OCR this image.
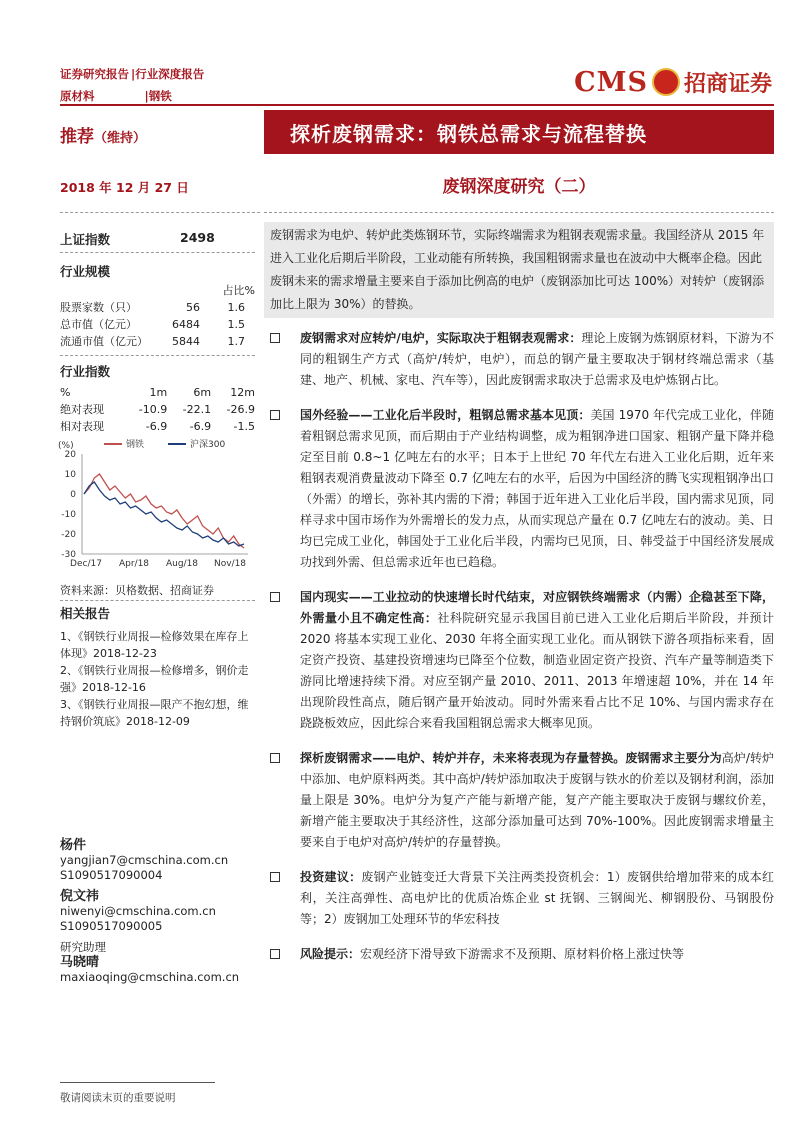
证券研究报告 |行业深度报告
原材料	|钢铁	CMS 招商证券
推荐（维持）	探析废钢需求：钢铁总需求与流程替换
2018 年 12 月 27 日	废钢深度研究（二）
上证指数	2498
行业规模
占比%
股票家数（只）	56	1.6
总市值（亿元）	6484	1.5
流通市值（亿元）	5844	1.7
行业指数
%	1m	6m	12m
绝对表现	-10.9	-22.1	-26.9
相对表现	-6.9	-6.9	-1.5
(%)
20
10
0
-10
-20
-30
Dec/17 Apr/18 Aug/18 Nov/18
钢铁	沪深300
资料来源：贝格数据、招商证券
相关报告
1、《钢铁行业周报—检修效果在库存上体现》2018-12-23
2、《钢铁行业周报—检修增多，钢价走强》2018-12-16
3、《钢铁行业周报—限产不抱幻想，维持钢价筑底》2018-12-09
杨件
yangjian7@cmschina.com.cn
S1090517090004
倪文祎
niwenyi@cmschina.com.cn
S1090517090005
研究助理
马晓晴
maxiaoqing@cmschina.com.cn
废钢需求为电炉、转炉此类炼钢环节，实际终端需求为粗钢表观需求量。我国经济从 2015 年进入工业化后期后半阶段，工业动能有所转换，我国粗钢需求量也在波动中大概率企稳。因此废钢未来的需求增量主要来自于添加比例高的电炉（废钢添加比可达 100%）对转炉（废钢添加比上限为 30%）的替换。
废钢需求对应转炉/电炉，实际取决于粗钢表观需求：理论上废钢为炼钢原材料，下游为不同的粗钢生产方式（高炉/转炉，电炉），而总的钢产量主要取决于钢材终端总需求（基建、地产、机械、家电、汽车等），因此废钢需求取决于总需求及电炉炼钢占比。
国外经验——工业化后半段时，粗钢总需求基本见顶：美国 1970 年代完成工业化，伴随着粗钢总需求见顶，而后期由于产业结构调整，成为粗钢净进口国家、粗钢产量下降并稳定至目前 0.8~1 亿吨左右的水平；日本于上世纪 70 年代左右进入工业化后期，近年来粗钢表观消费量波动下降至 0.7 亿吨左右的水平，后因为中国经济的腾飞实现粗钢净出口（外需）的增长，弥补其内需的下滑；韩国于近年进入工业化后半段，国内需求见顶，同样寻求中国市场作为外需增长的发力点，从而实现总产量在 0.7 亿吨左右的波动。美、日均已完成工业化，韩国处于工业化后半段，内需均已见顶，日、韩受益于中国经济发展成功找到外需、但总需求近年也已趋稳。
国内现实——工业拉动的快速增长时代结束，对应钢铁终端需求（内需）企稳甚至下降，外需量小且不确定性高：社科院研究显示我国目前已进入工业化后期后半阶段，并预计 2020 将基本实现工业化、2030 年将全面实现工业化。而从钢铁下游各项指标来看，固定资产投资、基建投资增速均已降至个位数，制造业固定资产投资、汽车产量等制造类下游同比增速持续下滑。对应至钢产量 2010、2011、2013 年增速超 10%，并在 14 年出现阶段性高点，随后钢产量开始波动。同时外需来看占比不足 10%、与国内需求存在跷跷板效应，因此综合来看我国粗钢总需求大概率见顶。
探析废钢需求——电炉、转炉并存，未来将表现为存量替换。废钢需求主要分为高炉/转炉中添加、电炉原料两类。其中高炉/转炉添加取决于废钢与铁水的价差以及钢材利润，添加量上限是 30%。电炉分为复产产能与新增产能，复产产能主要取决于废钢与螺纹价差，新增产能主要取决于其经济性，这部分添加量可达到 70%-100%。因此废钢需求增量主要来自于电炉对高炉/转炉的存量替换。
投资建议：废钢产业链变迁大背景下关注两类投资机会：1）废钢供给增加带来的成本红利，关注高弹性、高电炉比的优质冶炼企业 st 抚钢、三钢闽光、柳钢股份、马钢股份等；2）废钢加工处理环节的华宏科技
风险提示：宏观经济下滑导致下游需求不及预期、原材料价格上涨过快等
敬请阅读末页的重要说明
